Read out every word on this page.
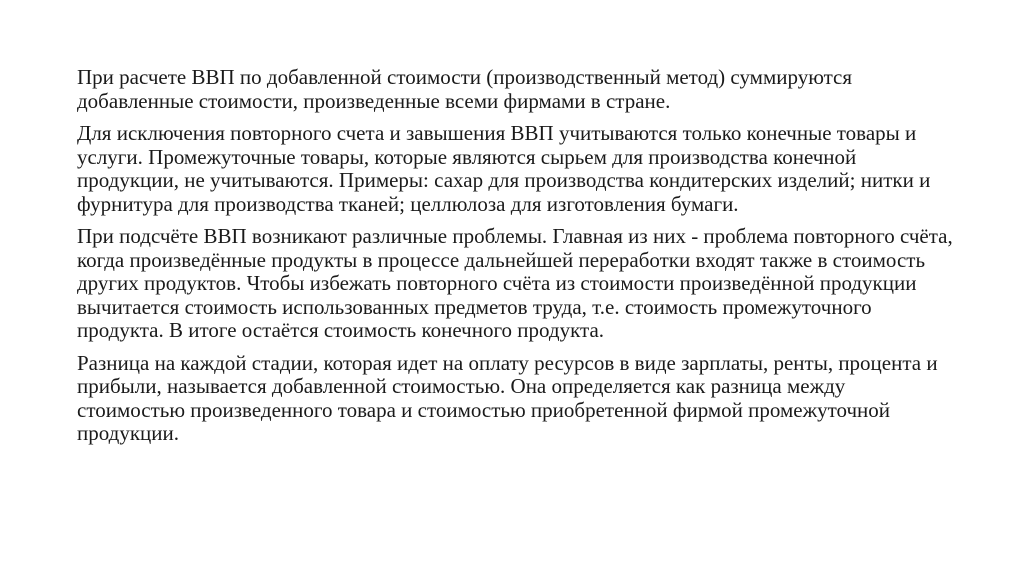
При расчете ВВП по добавленной стоимости (производственный метод) суммируются добавленные стоимости, произведенные всеми фирмами в стране.

Для исключения повторного счета и завышения ВВП учитываются только конечные товары и услуги. Промежуточные товары, которые являются сырьем для производства конечной продукции, не учитываются. Примеры: сахар для производства кондитерских изделий; нитки и фурнитура для производства тканей; целлюлоза для изготовления бумаги.

При подсчёте ВВП возникают различные проблемы. Главная из них - проблема повторного счёта, когда произведённые продукты в процессе дальнейшей переработки входят также в стоимость других продуктов. Чтобы избежать повторного счёта из стоимости произведённой продукции вычитается стоимость использованных предметов труда, т.е. стоимость промежуточного продукта. В итоге остаётся стоимость конечного продукта.

Разница на каждой стадии, которая идет на оплату ресурсов в виде зарплаты, ренты, процента и прибыли, называется добавленной стоимостью. Она определяется как разница между стоимостью произведенного товара и стоимостью приобретенной фирмой промежуточной продукции.
